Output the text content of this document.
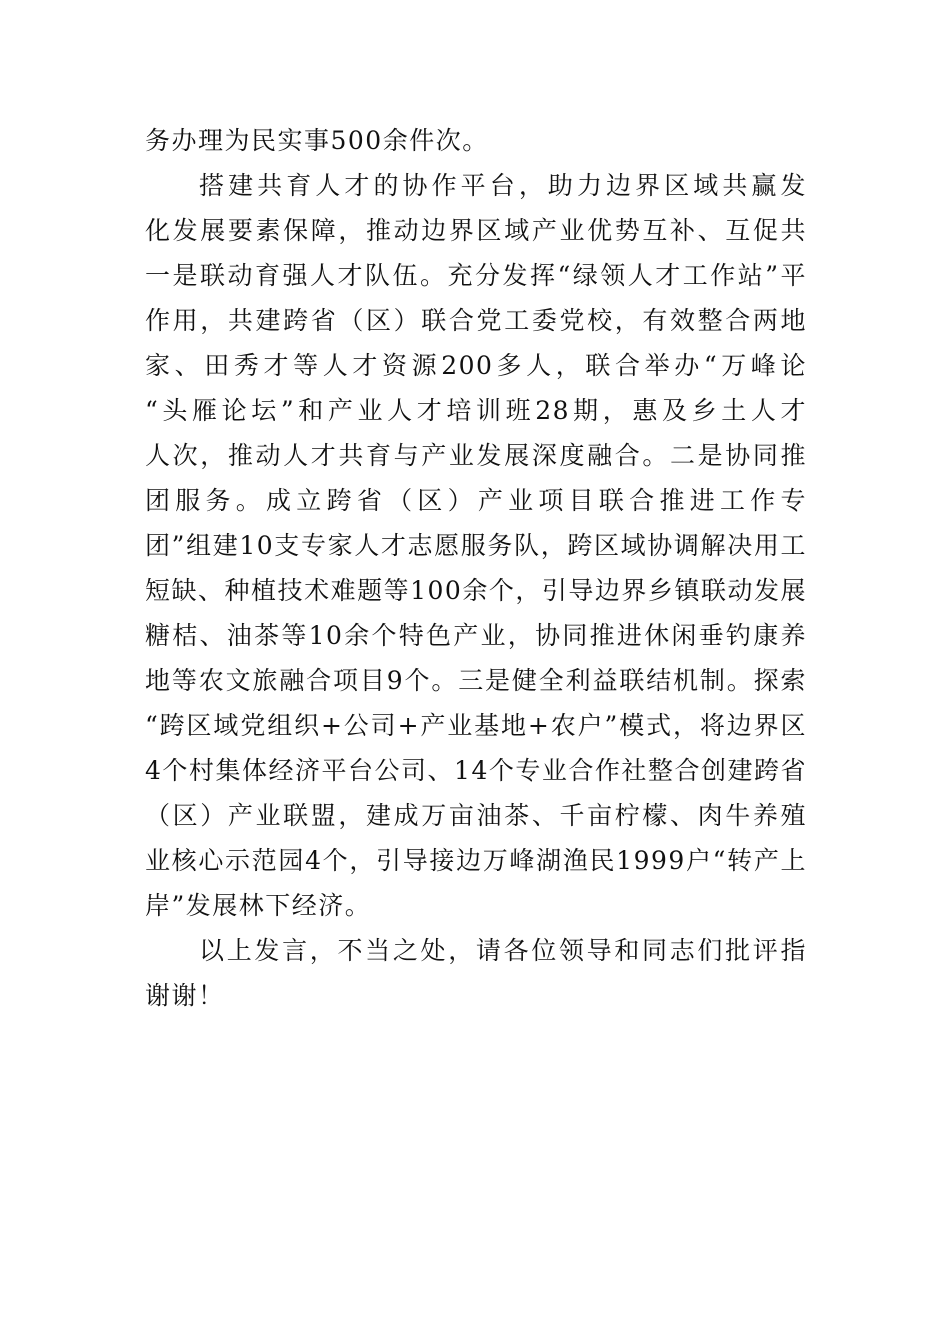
务办理为民实事500余件次。
搭建共育人才的协作平台，助力边界区域共赢发
化发展要素保障，推动边界区域产业优势互补、互促共
一是联动育强人才队伍。充分发挥“绿领人才工作站”平
作用，共建跨省（区）联合党工委党校，有效整合两地
家、田秀才等人才资源200多人，联合举办“万峰论
“头雁论坛”和产业人才培训班28期，惠及乡土人才
人次，推动人才共育与产业发展深度融合。二是协同推
团服务。成立跨省（区）产业项目联合推进工作专
团”组建10支专家人才志愿服务队，跨区域协调解决用工
短缺、种植技术难题等100余个，引导边界乡镇联动发展
糖桔、油茶等10余个特色产业，协同推进休闲垂钓康养
地等农文旅融合项目9个。三是健全利益联结机制。探索
“跨区域党组织+公司+产业基地+农户”模式，将边界区
4个村集体经济平台公司、14个专业合作社整合创建跨省
（区）产业联盟，建成万亩油茶、千亩柠檬、肉牛养殖
业核心示范园4个，引导接边万峰湖渔民1999户“转产上
岸”发展林下经济。
以上发言，不当之处，请各位领导和同志们批评指
谢谢！
